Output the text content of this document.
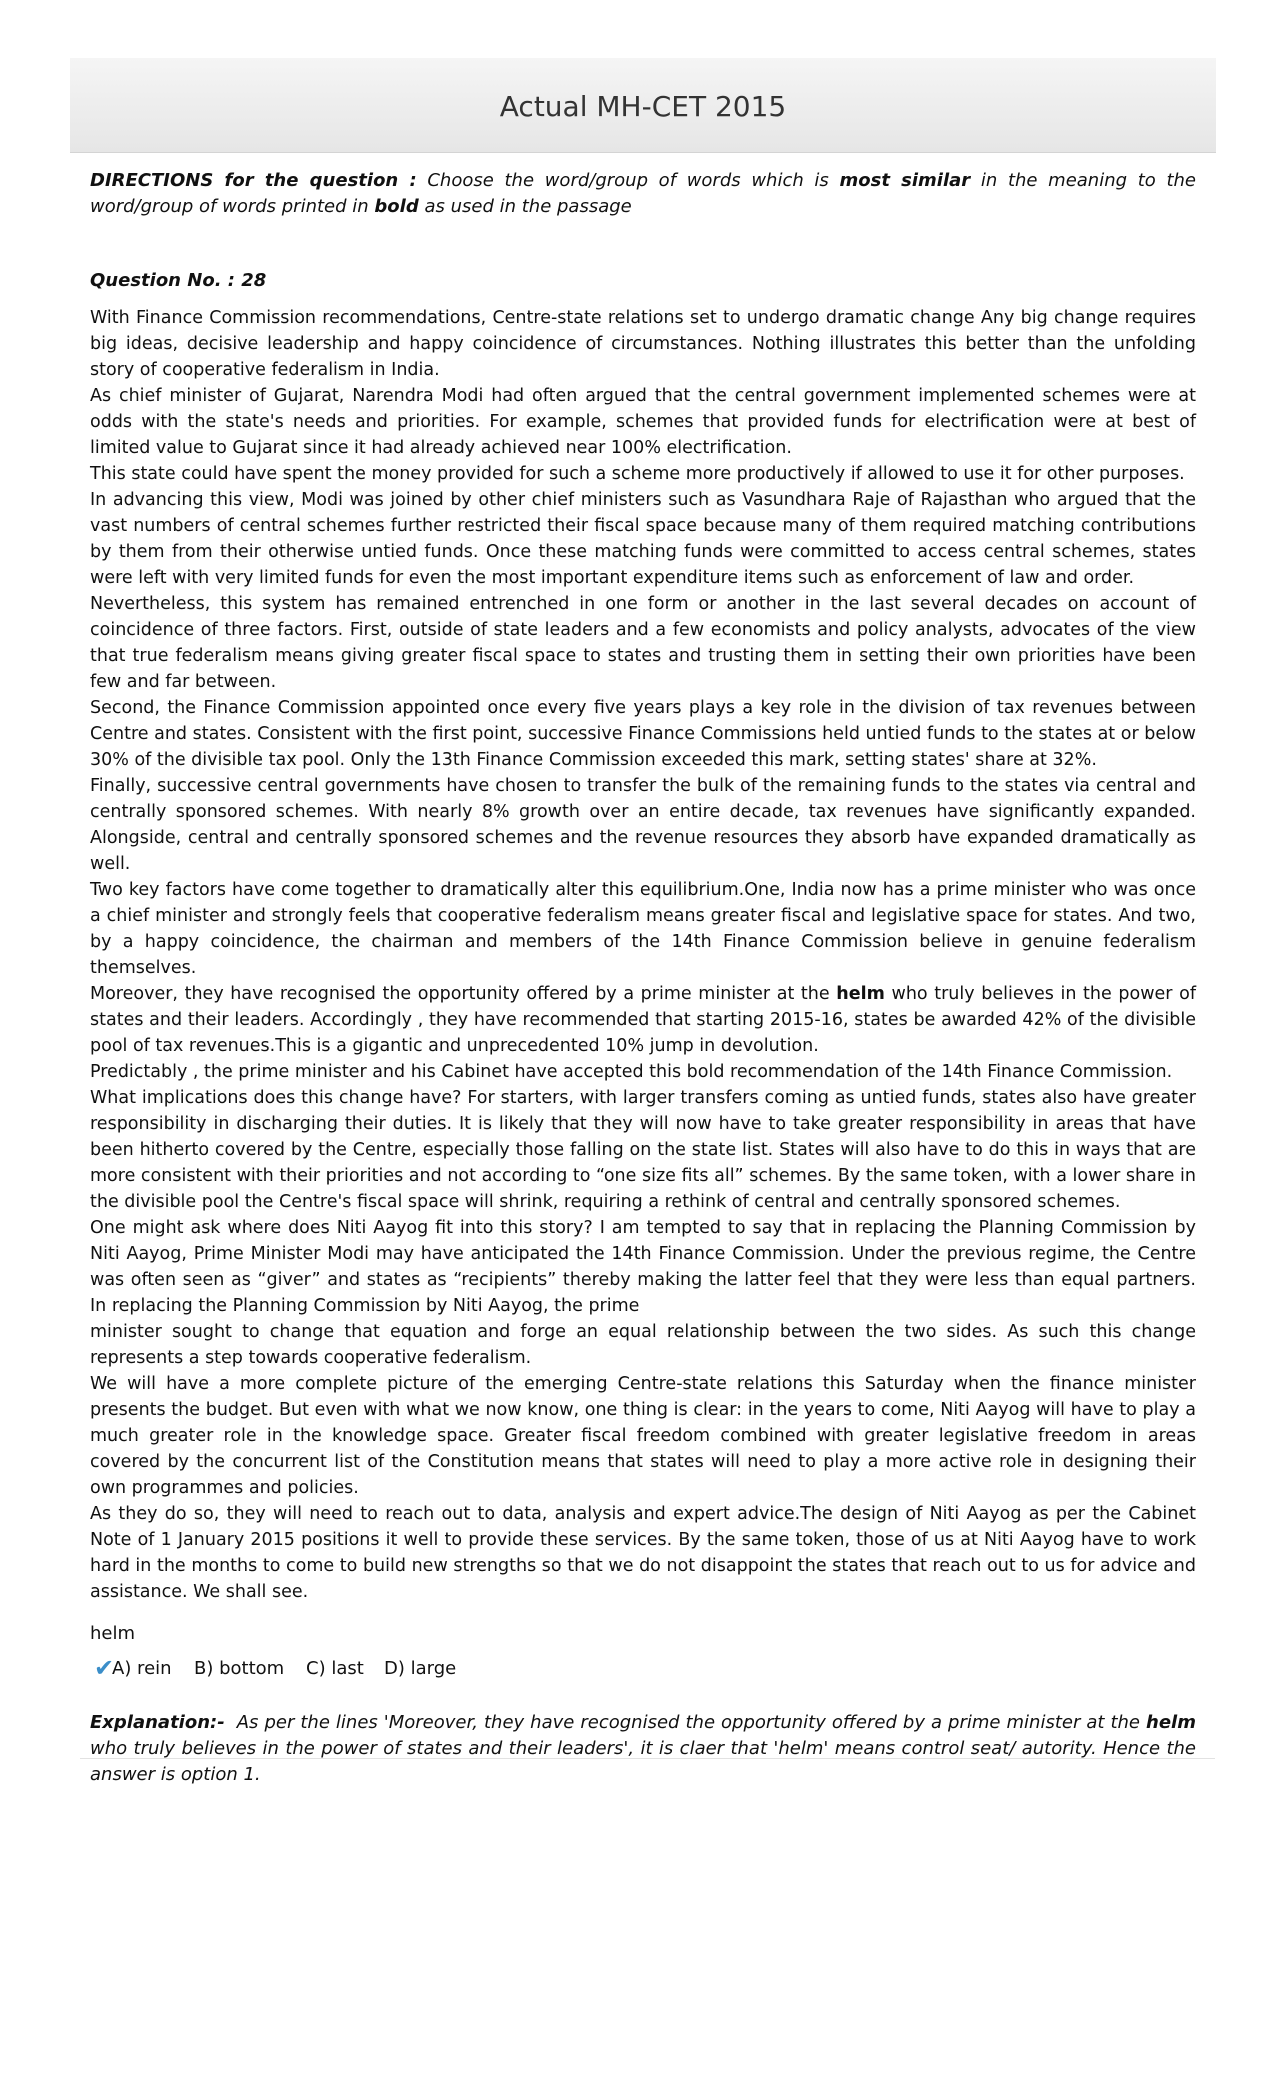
Actual MH-CET 2015

DIRECTIONS for the question : Choose the word/group of words which is most similar in the meaning to the word/group of words printed in bold as used in the passage

Question No. : 28

With Finance Commission recommendations, Centre-state relations set to undergo dramatic change Any big change requires big ideas, decisive leadership and happy coincidence of circumstances. Nothing illustrates this better than the unfolding story of cooperative federalism in India.

As chief minister of Gujarat, Narendra Modi had often argued that the central government implemented schemes were at odds with the state's needs and priorities. For example, schemes that provided funds for electrification were at best of limited value to Gujarat since it had already achieved near 100% electrification.

This state could have spent the money provided for such a scheme more productively if allowed to use it for other purposes.

In advancing this view, Modi was joined by other chief ministers such as Vasundhara Raje of Rajasthan who argued that the vast numbers of central schemes further restricted their fiscal space because many of them required matching contributions by them from their otherwise untied funds. Once these matching funds were committed to access central schemes, states were left with very limited funds for even the most important expenditure items such as enforcement of law and order.

Nevertheless, this system has remained entrenched in one form or another in the last several decades on account of coincidence of three factors. First, outside of state leaders and a few economists and policy analysts, advocates of the view that true federalism means giving greater fiscal space to states and trusting them in setting their own priorities have been few and far between.

Second, the Finance Commission appointed once every five years plays a key role in the division of tax revenues between Centre and states. Consistent with the first point, successive Finance Commissions held untied funds to the states at or below 30% of the divisible tax pool. Only the 13th Finance Commission exceeded this mark, setting states' share at 32%.

Finally, successive central governments have chosen to transfer the bulk of the remaining funds to the states via central and centrally sponsored schemes. With nearly 8% growth over an entire decade, tax revenues have significantly expanded. Alongside, central and centrally sponsored schemes and the revenue resources they absorb have expanded dramatically as well.

Two key factors have come together to dramatically alter this equilibrium.One, India now has a prime minister who was once a chief minister and strongly feels that cooperative federalism means greater fiscal and legislative space for states. And two, by a happy coincidence, the chairman and members of the 14th Finance Commission believe in genuine federalism themselves.

Moreover, they have recognised the opportunity offered by a prime minister at the helm who truly believes in the power of states and their leaders. Accordingly , they have recommended that starting 2015-16, states be awarded 42% of the divisible pool of tax revenues.This is a gigantic and unprecedented 10% jump in devolution.

Predictably , the prime minister and his Cabinet have accepted this bold recommendation of the 14th Finance Commission.

What implications does this change have? For starters, with larger transfers coming as untied funds, states also have greater responsibility in discharging their duties. It is likely that they will now have to take greater responsibility in areas that have been hitherto covered by the Centre, especially those falling on the state list. States will also have to do this in ways that are more consistent with their priorities and not according to “one size fits all” schemes. By the same token, with a lower share in the divisible pool the Centre's fiscal space will shrink, requiring a rethink of central and centrally sponsored schemes.

One might ask where does Niti Aayog fit into this story? I am tempted to say that in replacing the Planning Commission by Niti Aayog, Prime Minister Modi may have anticipated the 14th Finance Commission. Under the previous regime, the Centre was often seen as “giver” and states as “recipients” thereby making the latter feel that they were less than equal partners. In replacing the Planning Commission by Niti Aayog, the prime

minister sought to change that equation and forge an equal relationship between the two sides. As such this change represents a step towards cooperative federalism.

We will have a more complete picture of the emerging Centre-state relations this Saturday when the finance minister presents the budget. But even with what we now know, one thing is clear: in the years to come, Niti Aayog will have to play a much greater role in the knowledge space. Greater fiscal freedom combined with greater legislative freedom in areas covered by the concurrent list of the Constitution means that states will need to play a more active role in designing their own programmes and policies.

As they do so, they will need to reach out to data, analysis and expert advice.The design of Niti Aayog as per the Cabinet Note of 1 January 2015 positions it well to provide these services. By the same token, those of us at Niti Aayog have to work hard in the months to come to build new strengths so that we do not disappoint the states that reach out to us for advice and assistance. We shall see.

helm
✔
A) rein B) bottom C) last D) large

Explanation:- As per the lines 'Moreover, they have recognised the opportunity offered by a prime minister at the helm who truly believes in the power of states and their leaders', it is claer that 'helm' means control seat/ autority. Hence the answer is option 1.
